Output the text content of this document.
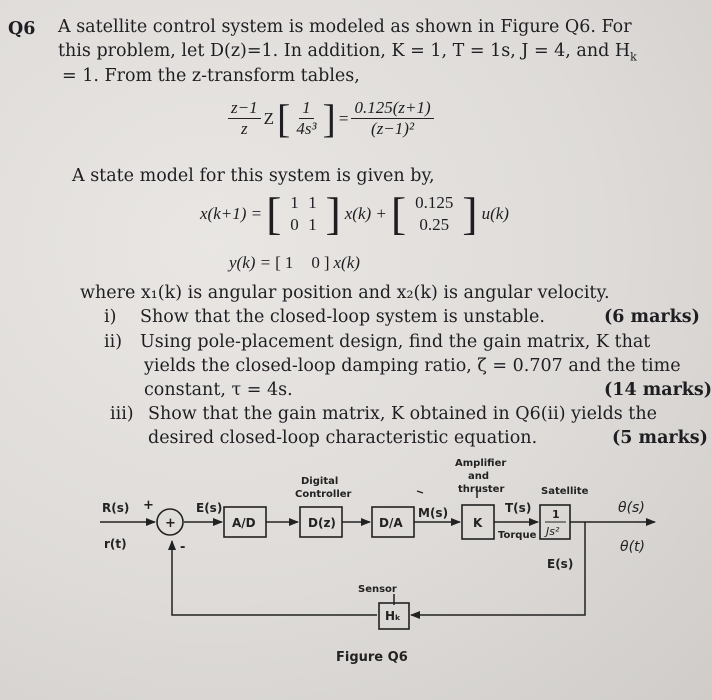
Q6 A satellite control system is modeled as shown in Figure Q6. For
this problem, let D(z)=1. In addition, K = 1, T = 1s, J = 4, and $H_k$
= 1. From the z-transform tables,
$\frac{z-1}{z}$ Z [ $\frac{1}{\text{4s³}}$ ] = $\frac{0.125(z+1)}{\text{(z−1)²}}$
A state model for this system is given by,
x(k+1) = [ 1 1
0 1 ] x(k) + [ 0.125
0.25 ] u(k)
y(k) = [ 1 0 ] x(k)
where x₁(k) is angular position and x₂(k) is angular velocity.
i) Show that the closed-loop system is unstable.	(6 marks)
ii) Using pole-placement design, find the gain matrix, K that
yields the closed-loop damping ratio, ζ = 0.707 and the time
constant, τ = 4s.	(14 marks)
iii) Show that the gain matrix, K obtained in Q6(ii) yields the
desired closed-loop characteristic equation.	(5 marks)
R(s)
r(t)
+
-
+
E(s)
A/D
Digital
Controller
D(z)	D/A
M(s)
Amplifier
and
thruster
K
T(s)
Torque
Satellite
1
Js²
θ(s)
θ(t)
E(s)
Sensor
Hₖ
Figure Q6
